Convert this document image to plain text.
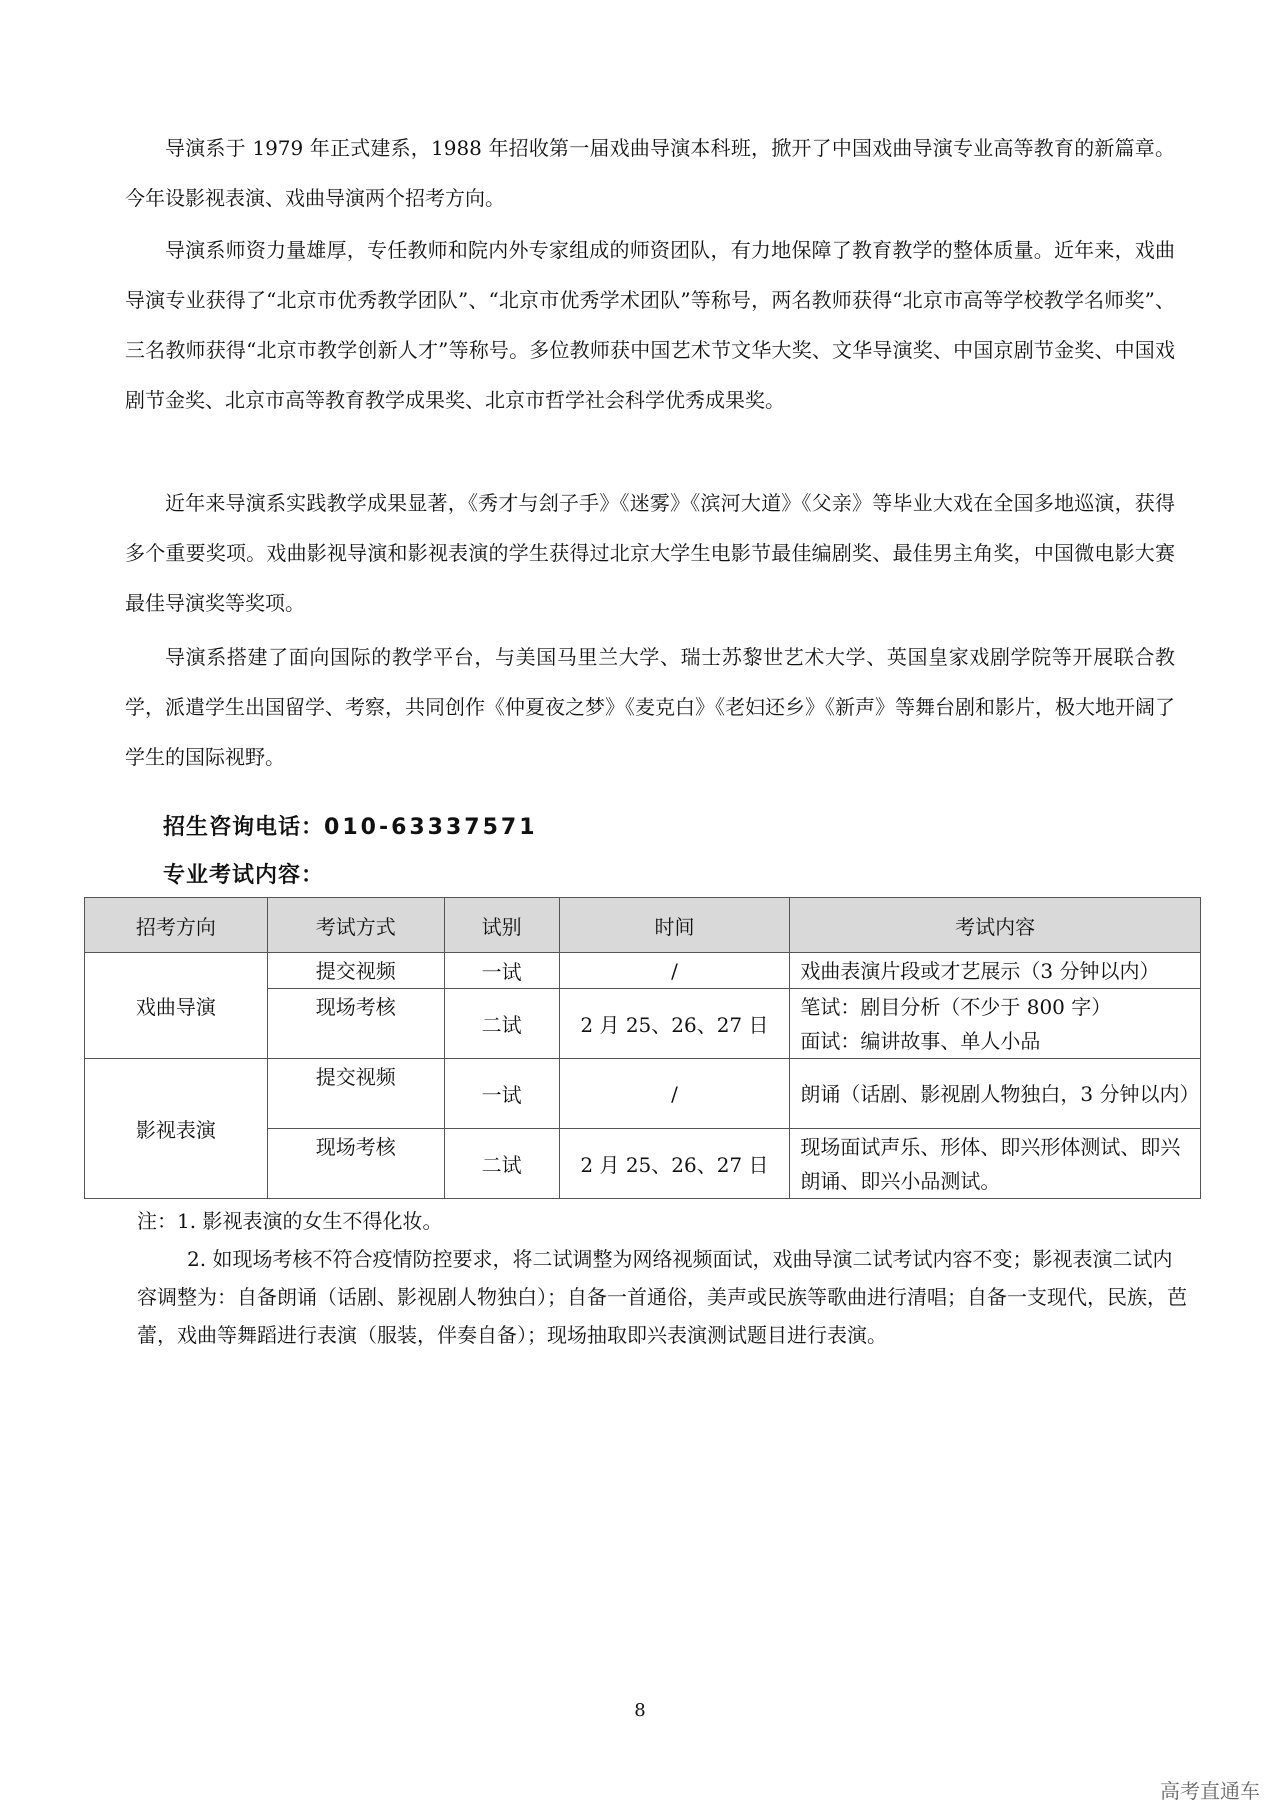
导演系于 1979 年正式建系，1988 年招收第一届戏曲导演本科班，掀开了中国戏曲导演专业高等教育的新篇章。今年设影视表演、戏曲导演两个招考方向。

导演系师资力量雄厚，专任教师和院内外专家组成的师资团队，有力地保障了教育教学的整体质量。近年来，戏曲导演专业获得了“北京市优秀教学团队”、“北京市优秀学术团队”等称号，两名教师获得“北京市高等学校教学名师奖”、三名教师获得“北京市教学创新人才”等称号。多位教师获中国艺术节文华大奖、文华导演奖、中国京剧节金奖、中国戏剧节金奖、北京市高等教育教学成果奖、北京市哲学社会科学优秀成果奖。

近年来导演系实践教学成果显著，《秀才与刽子手》《迷雾》《滨河大道》《父亲》等毕业大戏在全国多地巡演，获得多个重要奖项。戏曲影视导演和影视表演的学生获得过北京大学生电影节最佳编剧奖、最佳男主角奖，中国微电影大赛最佳导演奖等奖项。

导演系搭建了面向国际的教学平台，与美国马里兰大学、瑞士苏黎世艺术大学、英国皇家戏剧学院等开展联合教学，派遣学生出国留学、考察，共同创作《仲夏夜之梦》《麦克白》《老妇还乡》《新声》等舞台剧和影片，极大地开阔了学生的国际视野。

招生咨询电话：010-63337571

专业考试内容：

招考方向	考试方式	试别	时间	考试内容
戏曲导演	提交视频	一试	/	戏曲表演片段或才艺展示（3 分钟以内）
	现场考核	二试	2 月 25、26、27 日	笔试：剧目分析（不少于 800 字）
面试：编讲故事、单人小品

影视表演	提交视频	一试	/	朗诵（话剧、影视剧人物独白，3 分钟以内）
	现场考核	二试	2 月 25、26、27 日	现场面试声乐、形体、即兴形体测试、即兴朗诵、即兴小品测试。

注：1. 影视表演的女生不得化妆。

2. 如现场考核不符合疫情防控要求，将二试调整为网络视频面试，戏曲导演二试考试内容不变；影视表演二试内容调整为：自备朗诵（话剧、影视剧人物独白）；自备一首通俗，美声或民族等歌曲进行清唱；自备一支现代，民族，芭蕾，戏曲等舞蹈进行表演（服装，伴奏自备）；现场抽取即兴表演测试题目进行表演。

8
高考直通车
